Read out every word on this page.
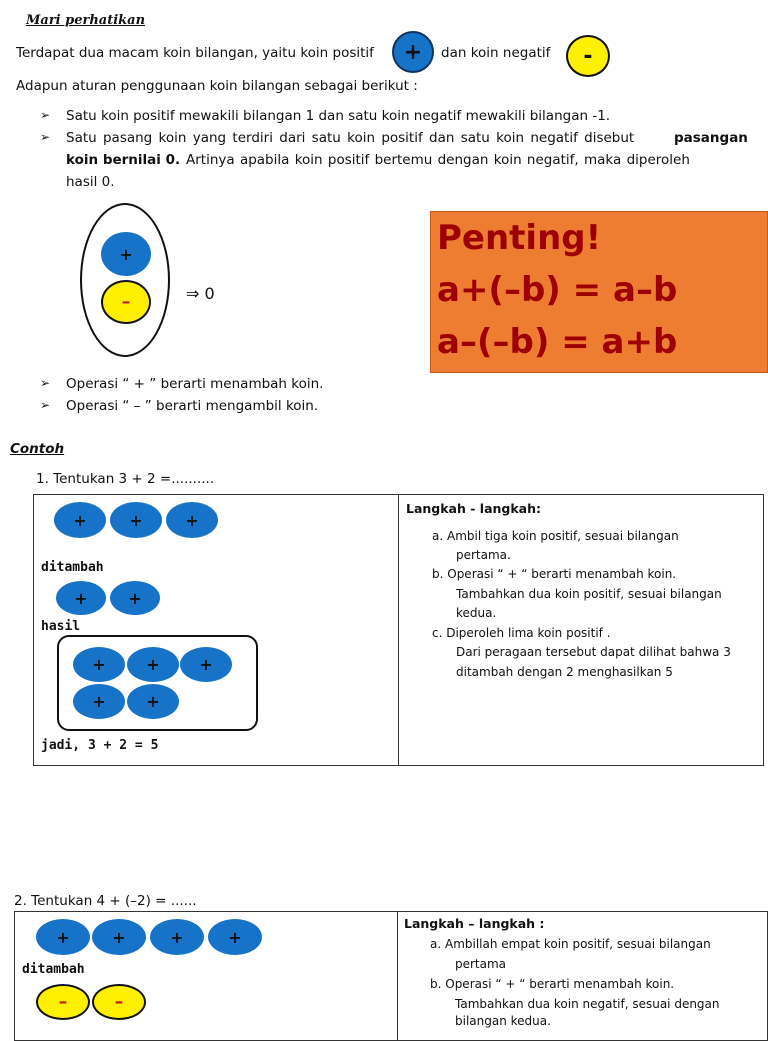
Mari perhatikan
Terdapat dua macam koin bilangan, yaitu koin positif + dan koin negatif -
Adapun aturan penggunaan koin bilangan sebagai berikut :
➢ Satu koin positif mewakili bilangan 1 dan satu koin negatif mewakili bilangan -1.
➢ Satu pasang koin yang terdiri dari satu koin positif dan satu koin negatif disebut	pasangan
koin bernilai 0. Artinya apabila koin positif bertemu dengan koin negatif, maka diperoleh
hasil 0.
+
–	⇒ 0
Penting!
a+(–b) = a–b
a–(–b) = a+b
➢ Operasi “ + ” berarti menambah koin.
➢ Operasi “ – ” berarti mengambil koin.
Contoh
1. Tentukan 3 + 2 =..........
+	+	+
ditambah
+	+
hasil
+	+	+
+	+
jadi, 3 + 2 = 5
Langkah - langkah:
a. Ambil tiga koin positif, sesuai bilangan
pertama.
b. Operasi “ + “ berarti menambah koin.
Tambahkan dua koin positif, sesuai bilangan
kedua.
c. Diperoleh lima koin positif .
Dari peragaan tersebut dapat dilihat bahwa 3
ditambah dengan 2 menghasilkan 5
2. Tentukan 4 + (–2) = ......
+	+	+	+
ditambah
–	–
Langkah – langkah :
a. Ambillah empat koin positif, sesuai bilangan
pertama
b. Operasi “ + “ berarti menambah koin.
Tambahkan dua koin negatif, sesuai dengan
bilangan kedua.
